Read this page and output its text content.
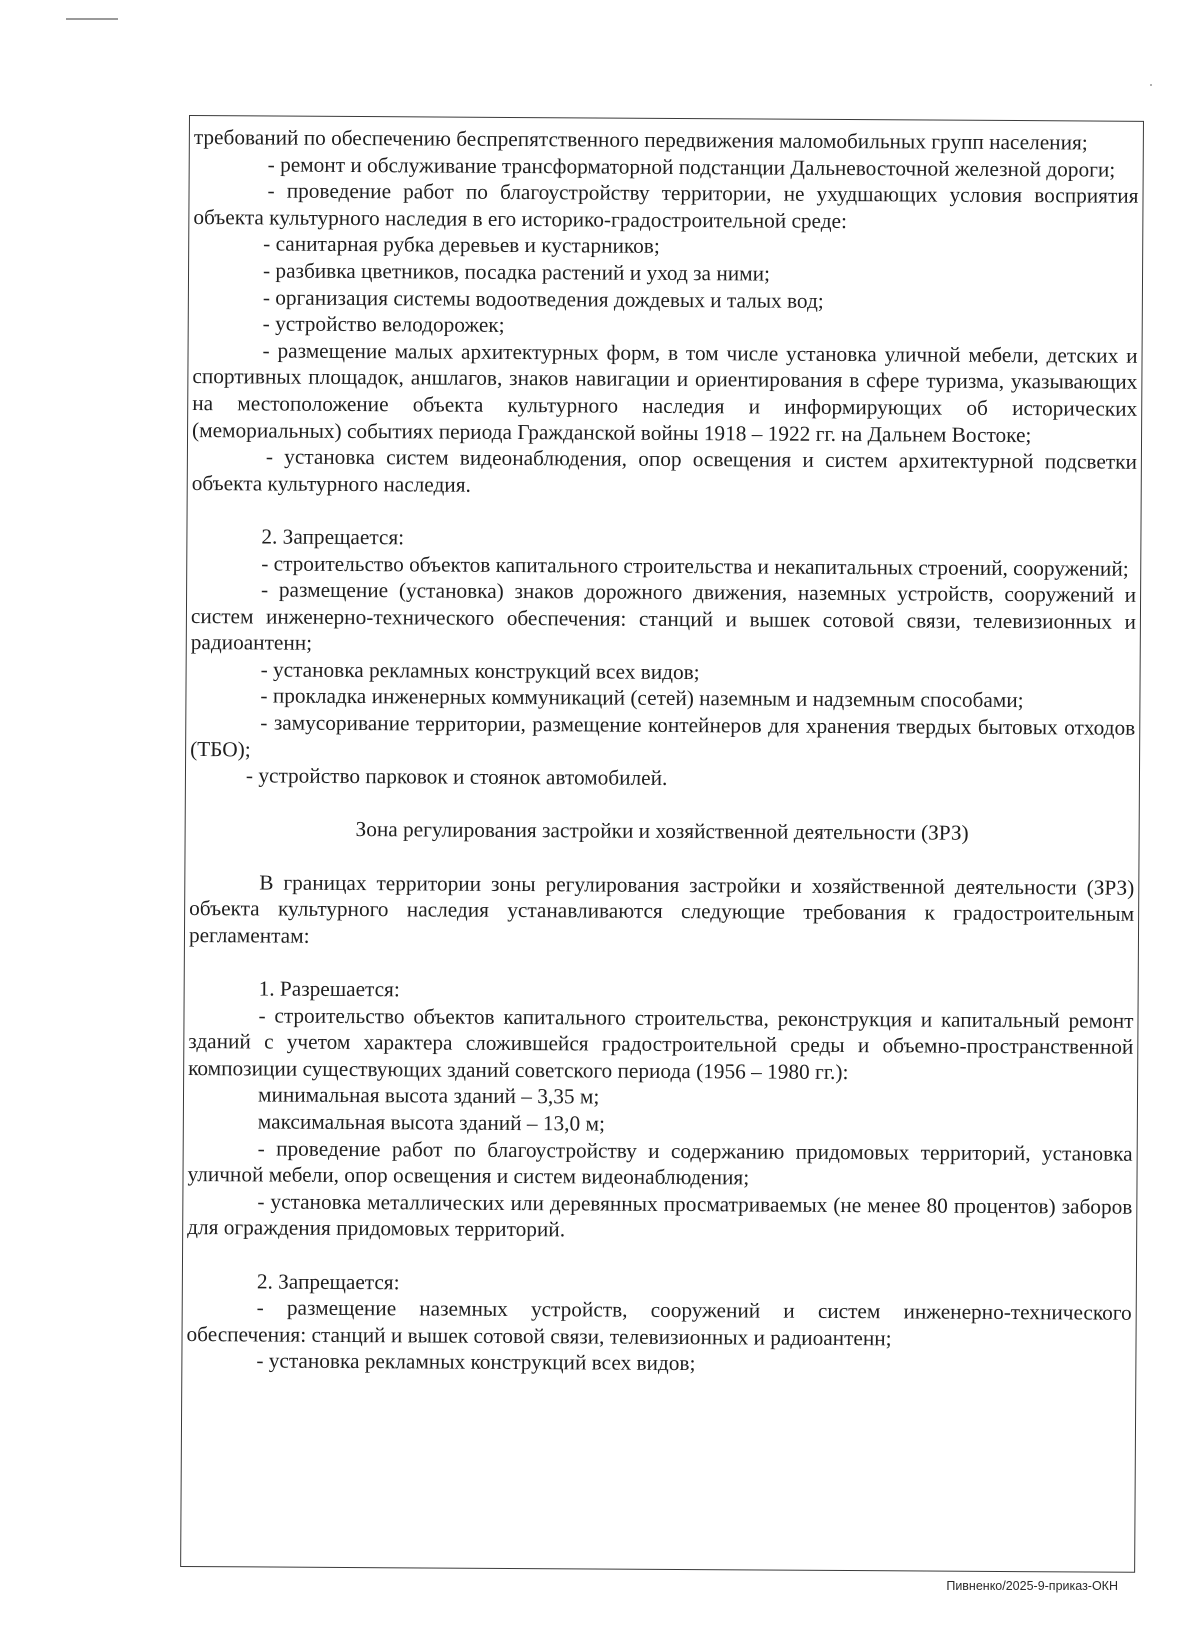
требований по обеспечению беспрепятственного передвижения маломобильных групп населения;

- ремонт и обслуживание трансформаторной подстанции Дальневосточной железной дороги;

- проведение работ по благоустройству территории, не ухудшающих условия восприятия объекта культурного наследия в его историко-градостроительной среде:

- санитарная рубка деревьев и кустарников;

- разбивка цветников, посадка растений и уход за ними;

- организация системы водоотведения дождевых и талых вод;

- устройство велодорожек;

- размещение малых архитектурных форм, в том числе установка уличной мебели, детских и спортивных площадок, аншлагов, знаков навигации и ориентирования в сфере туризма, указывающих на местоположение объекта культурного наследия и информирующих об исторических (мемориальных) событиях периода Гражданской войны 1918 – 1922 гг. на Дальнем Востоке;

- установка систем видеонаблюдения, опор освещения и систем архитектурной подсветки объекта культурного наследия.

2. Запрещается:

- строительство объектов капитального строительства и некапитальных строений, сооружений;

- размещение (установка) знаков дорожного движения, наземных устройств, сооружений и систем инженерно-технического обеспечения: станций и вышек сотовой связи, телевизионных и радиоантенн;

- установка рекламных конструкций всех видов;

- прокладка инженерных коммуникаций (сетей) наземным и надземным способами;

- замусоривание территории, размещение контейнеров для хранения твердых бытовых отходов (ТБО);

- устройство парковок и стоянок автомобилей.

Зона регулирования застройки и хозяйственной деятельности (ЗРЗ)

В границах территории зоны регулирования застройки и хозяйственной деятельности (ЗРЗ) объекта культурного наследия устанавливаются следующие требования к градостроительным регламентам:

1. Разрешается:

- строительство объектов капитального строительства, реконструкция и капитальный ремонт зданий с учетом характера сложившейся градостроительной среды и объемно-пространственной композиции существующих зданий советского периода (1956 – 1980 гг.):

минимальная высота зданий – 3,35 м;

максимальная высота зданий – 13,0 м;

- проведение работ по благоустройству и содержанию придомовых территорий, установка уличной мебели, опор освещения и систем видеонаблюдения;

- установка металлических или деревянных просматриваемых (не менее 80 процентов) заборов для ограждения придомовых территорий.

2. Запрещается:

- размещение наземных устройств, сооружений и систем инженерно-технического обеспечения: станций и вышек сотовой связи, телевизионных и радиоантенн;

- установка рекламных конструкций всех видов;

Пивненко/2025-9-приказ-ОКН
